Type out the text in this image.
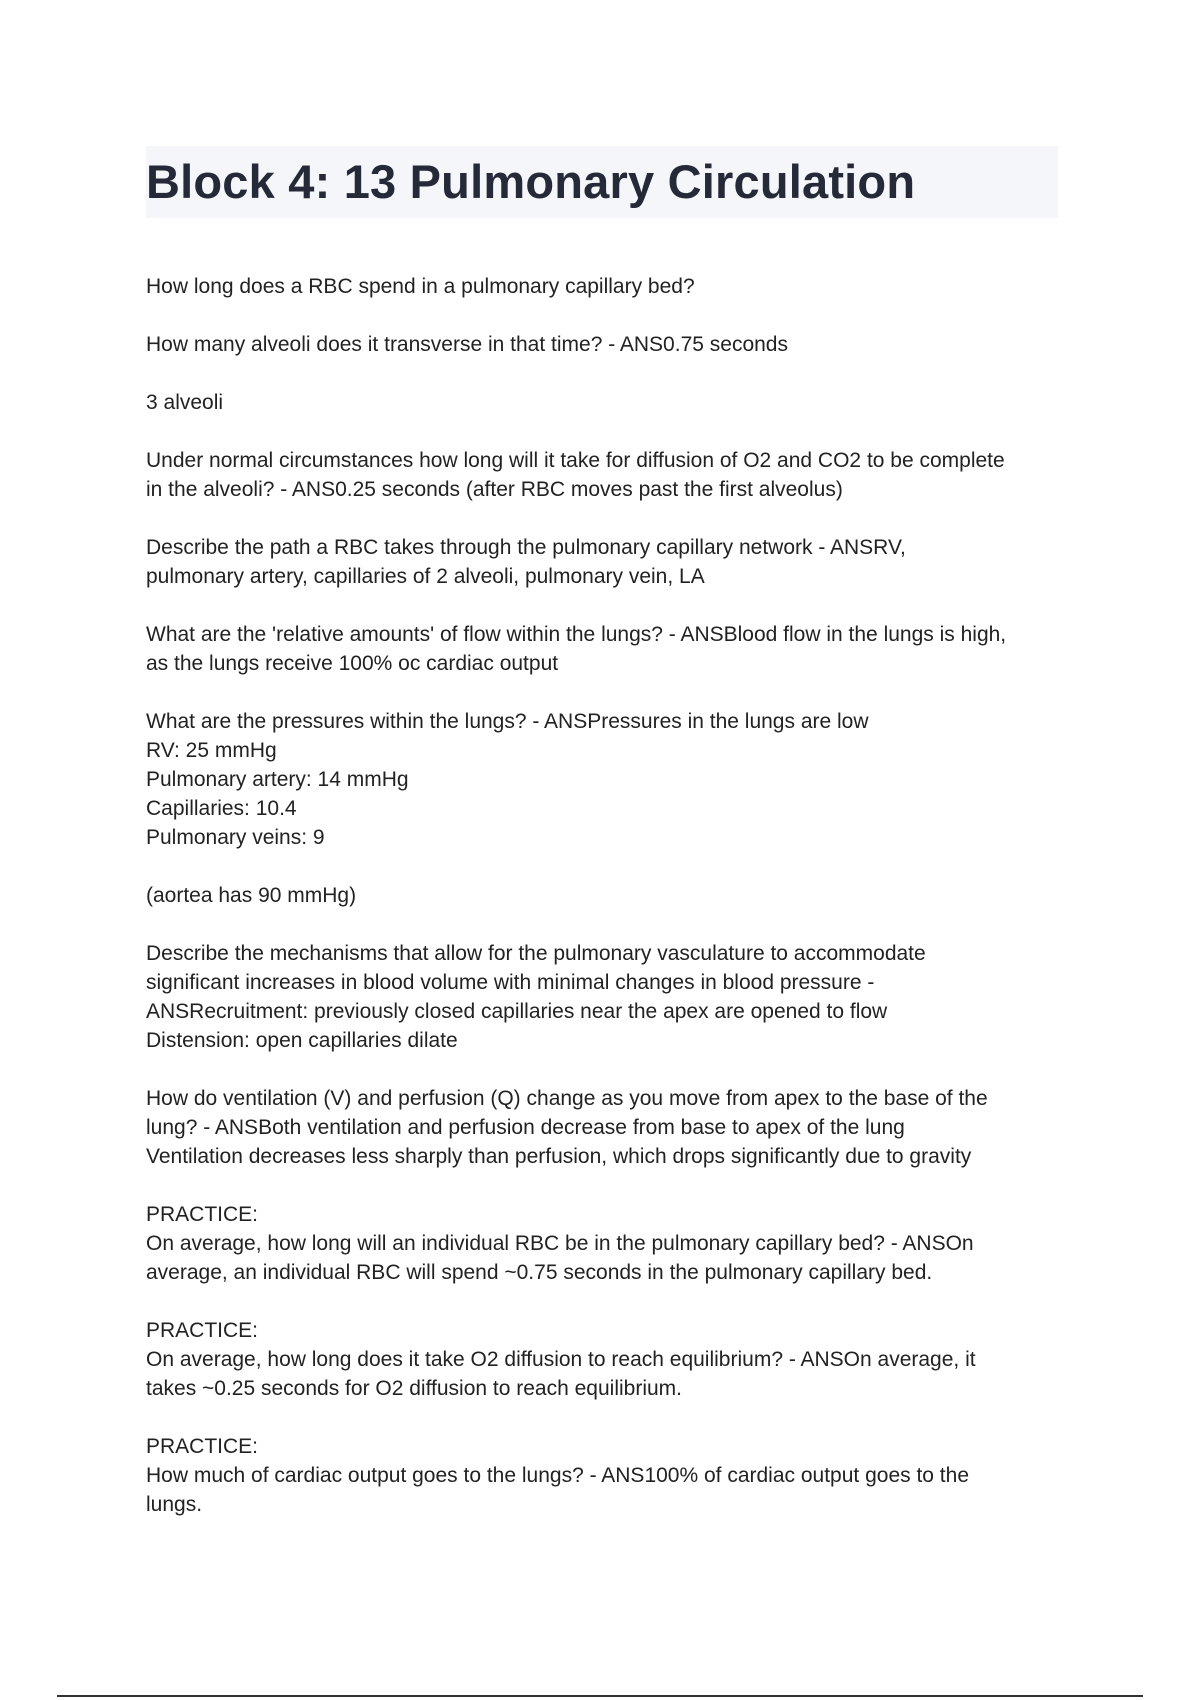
Block 4: 13 Pulmonary Circulation

How long does a RBC spend in a pulmonary capillary bed?

How many alveoli does it transverse in that time? - ANS0.75 seconds

3 alveoli

Under normal circumstances how long will it take for diffusion of O2 and CO2 to be complete
in the alveoli? - ANS0.25 seconds (after RBC moves past the first alveolus)

Describe the path a RBC takes through the pulmonary capillary network - ANSRV,
pulmonary artery, capillaries of 2 alveoli, pulmonary vein, LA

What are the 'relative amounts' of flow within the lungs? - ANSBlood flow in the lungs is high,
as the lungs receive 100% oc cardiac output

What are the pressures within the lungs? - ANSPressures in the lungs are low
RV: 25 mmHg
Pulmonary artery: 14 mmHg
Capillaries: 10.4
Pulmonary veins: 9

(aortea has 90 mmHg)

Describe the mechanisms that allow for the pulmonary vasculature to accommodate
significant increases in blood volume with minimal changes in blood pressure -
ANSRecruitment: previously closed capillaries near the apex are opened to flow
Distension: open capillaries dilate

How do ventilation (V) and perfusion (Q) change as you move from apex to the base of the
lung? - ANSBoth ventilation and perfusion decrease from base to apex of the lung
Ventilation decreases less sharply than perfusion, which drops significantly due to gravity

PRACTICE:
On average, how long will an individual RBC be in the pulmonary capillary bed? - ANSOn
average, an individual RBC will spend ~0.75 seconds in the pulmonary capillary bed.

PRACTICE:
On average, how long does it take O2 diffusion to reach equilibrium? - ANSOn average, it
takes ~0.25 seconds for O2 diffusion to reach equilibrium.

PRACTICE:
How much of cardiac output goes to the lungs? - ANS100% of cardiac output goes to the
lungs.
